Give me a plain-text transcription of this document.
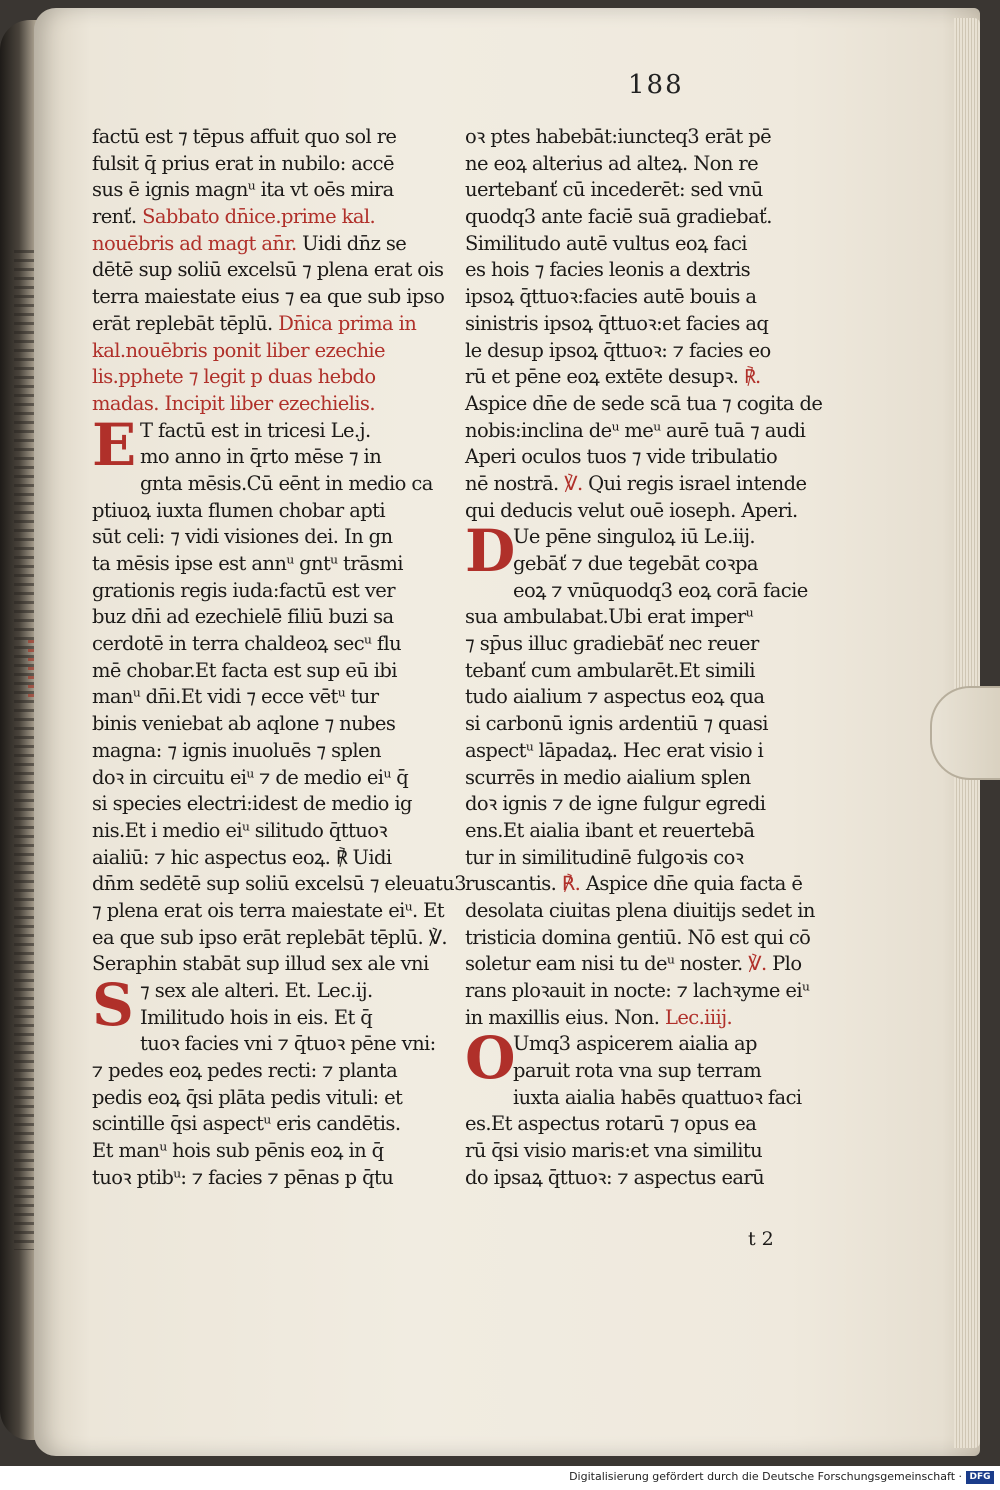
188
factū est ⁊ tēpus affuit quo sol re
fulsit q̄ prius erat in nubilo: accē
sus ē ignis magnᵘ ita vt oēs mira
renť. Sabbato dn̄ice.prime kal.
nouēbris ad magt an̄r. Uidi dn̄z se
dētē sup soliū excelsū ⁊ plena erat ois
terra maiestate eius ⁊ ea que sub ipso
erāt replebāt tēplū. Dn̄ica prima in
kal.nouēbris ponit liber ezechie
lis.pphete ⁊ legit p duas hebdo
madas. Incipit liber ezechielis.
E T factū est in tricesi Le.j.
mo anno in q̄rto mēse ⁊ in
gnta mēsis.Cū eēnt in medio ca
ptiuoꝝ iuxta flumen chobar apti
sūt celi: ⁊ vidi visiones dei. In gn
ta mēsis ipse est annᵘ gntᵘ trāsmi
grationis regis iuda:factū est ver
buz dn̄i ad ezechielē filiū buzi sa
cerdotē in terra chaldeoꝝ secᵘ flu
mē chobar.Et facta est sup eū ibi
manᵘ dn̄i.Et vidi ⁊ ecce vētᵘ tur
binis veniebat ab aqlone ⁊ nubes
magna: ⁊ ignis inuoluēs ⁊ splen
doꝛ in circuitu eiᵘ ⁊ de medio eiᵘ q̄
si species electri:idest de medio ig
nis.Et i medio eiᵘ silitudo q̄ttuoꝛ
aialiū: ⁊ hic aspectus eoꝝ. ℟ Uidi
dn̄m sedētē sup soliū excelsū ⁊ eleuatu3
⁊ plena erat ois terra maiestate eiᵘ. Et
ea que sub ipso erāt replebāt tēplū. ℣.
Seraphin stabāt sup illud sex ale vni
S ⁊ sex ale alteri. Et. Lec.ij.
Imilitudo hois in eis. Et q̄
tuoꝛ facies vni ⁊ q̄tuoꝛ pēne vni:
⁊ pedes eoꝝ pedes recti: ⁊ planta
pedis eoꝝ q̄si plāta pedis vituli: et
scintille q̄si aspectᵘ eris candētis.
Et manᵘ hois sub pēnis eoꝝ in q̄
tuoꝛ ptibᵘ: ⁊ facies ⁊ pēnas p q̄tu
oꝛ ptes habebāt:iuncteq3 erāt pē
ne eoꝝ alterius ad alteꝝ. Non re
uertebanť cū incederēt: sed vnū
quodq3 ante faciē suā gradiebať.
Similitudo autē vultus eoꝝ faci
es hois ⁊ facies leonis a dextris
ipsoꝝ q̄ttuoꝛ:facies autē bouis a
sinistris ipsoꝝ q̄ttuoꝛ:et facies aq
le desup ipsoꝝ q̄ttuoꝛ: ⁊ facies eo
rū et pēne eoꝝ extēte desupꝛ. ℟.
Aspice dn̄e de sede scā tua ⁊ cogita de
nobis:inclina deᵘ meᵘ aurē tuā ⁊ audi
Aperi oculos tuos ⁊ vide tribulatio
nē nostrā. ℣. Qui regis israel intende
qui deducis velut ouē ioseph. Aperi.
D
Ue pēne singuloꝝ iū Le.iij.
gebāť ⁊ due tegebāt coꝛpa
eoꝝ ⁊ vnūquodq3 eoꝝ corā facie
sua ambulabat.Ubi erat imperᵘ
⁊ sp̄us illuc gradiebāť nec reuer
tebanť cum ambularēt.Et simili
tudo aialium ⁊ aspectus eoꝝ qua
si carbonū ignis ardentiū ⁊ quasi
aspectᵘ lāpadaꝝ. Hec erat visio i
scurrēs in medio aialium splen
doꝛ ignis ⁊ de igne fulgur egredi
ens.Et aialia ibant et reuertebā
tur in similitudinē fulgoꝛis coꝛ
ruscantis. ℟. Aspice dn̄e quia facta ē
desolata ciuitas plena diuitijs sedet in
tristicia domina gentiū. Nō est qui cō
soletur eam nisi tu deᵘ noster. ℣. Plo
rans ploꝛauit in nocte: ⁊ lachꝛyme eiᵘ
in maxillis eius. Non. Lec.iiij.
O
Umq3 aspicerem aialia ap
paruit rota vna sup terram
iuxta aialia habēs quattuoꝛ faci
es.Et aspectus rotarū ⁊ opus ea
rū q̄si visio maris:et vna similitu
do ipsaꝝ q̄ttuoꝛ: ⁊ aspectus earū
t 2
Digitalisierung gefördert durch die Deutsche Forschungsgemeinschaft · DFG
